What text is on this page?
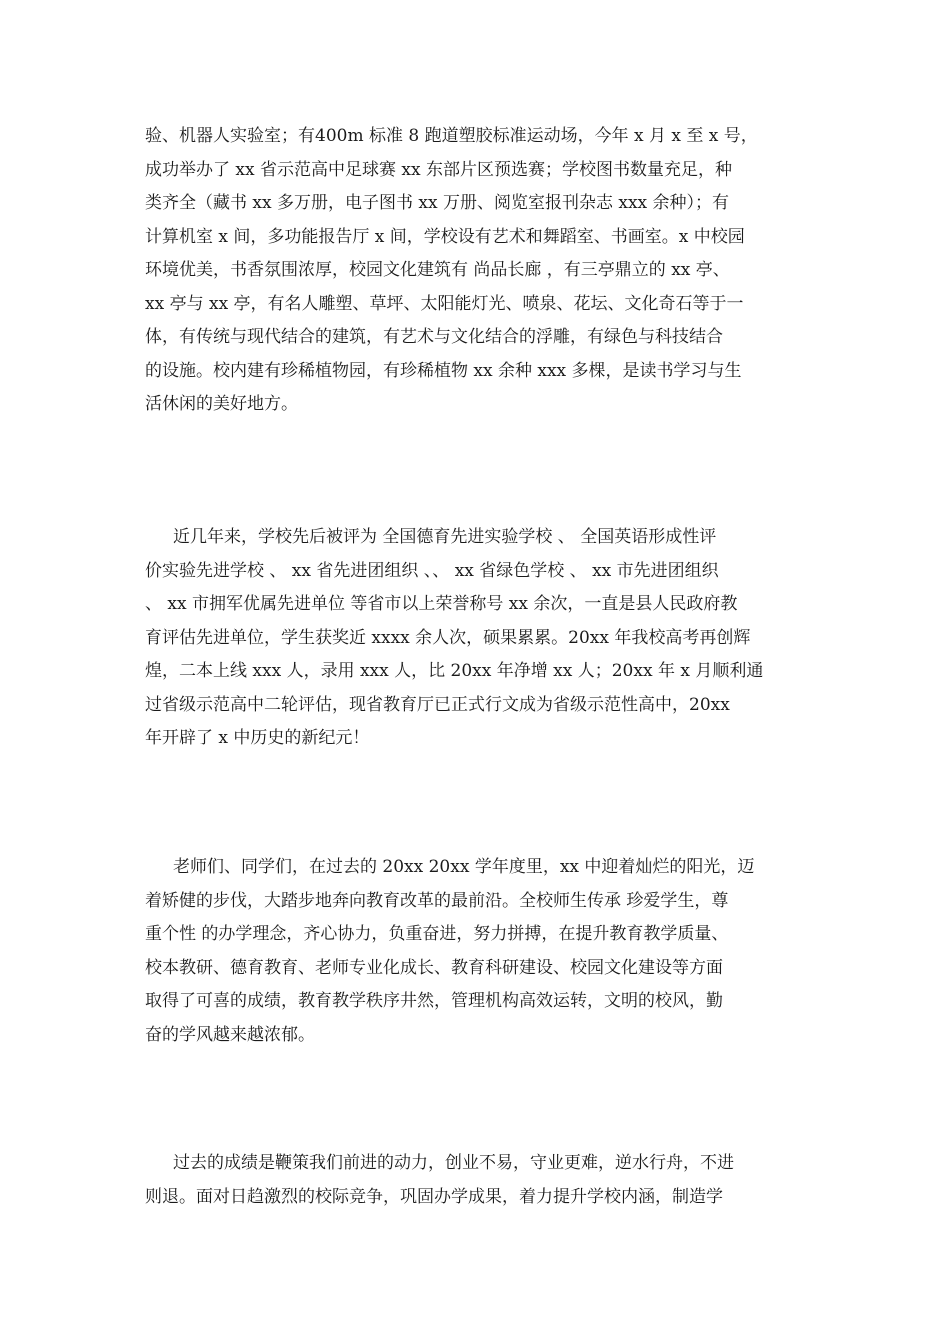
验、机器人实验室；有400m 标准 8 跑道塑胶标准运动场，今年 x 月 x 至 x 号，
成功举办了 xx 省示范高中足球赛 xx 东部片区预选赛；学校图书数量充足，种
类齐全（藏书 xx 多万册，电子图书 xx 万册、阅览室报刊杂志 xxx 余种）；有
计算机室 x 间，多功能报告厅 x 间，学校设有艺术和舞蹈室、书画室。x 中校园
环境优美，书香氛围浓厚，校园文化建筑有 尚品长廊 ，有三亭鼎立的 xx 亭、
xx 亭与 xx 亭，有名人雕塑、草坪、太阳能灯光、喷泉、花坛、文化奇石等于一
体，有传统与现代结合的建筑，有艺术与文化结合的浮雕，有绿色与科技结合
的设施。校内建有珍稀植物园，有珍稀植物 xx 余种 xxx 多棵，是读书学习与生
活休闲的美好地方。
近几年来，学校先后被评为 全国德育先进实验学校 、 全国英语形成性评
价实验先进学校 、 xx 省先进团组织 、、 xx 省绿色学校 、 xx 市先进团组织
、 xx 市拥军优属先进单位 等省市以上荣誉称号 xx 余次，一直是县人民政府教
育评估先进单位，学生获奖近 xxxx 余人次，硕果累累。20xx 年我校高考再创辉
煌，二本上线 xxx 人，录用 xxx 人，比 20xx 年净增 xx 人；20xx 年 x 月顺利通
过省级示范高中二轮评估，现省教育厅已正式行文成为省级示范性高中，20xx
年开辟了 x 中历史的新纪元！
老师们、同学们，在过去的 20xx 20xx 学年度里，xx 中迎着灿烂的阳光，迈
着矫健的步伐，大踏步地奔向教育改革的最前沿。全校师生传承 珍爱学生，尊
重个性 的办学理念，齐心协力，负重奋进，努力拼搏，在提升教育教学质量、
校本教研、德育教育、老师专业化成长、教育科研建设、校园文化建设等方面
取得了可喜的成绩，教育教学秩序井然，管理机构高效运转，文明的校风，勤
奋的学风越来越浓郁。
过去的成绩是鞭策我们前进的动力，创业不易，守业更难，逆水行舟，不进
则退。面对日趋激烈的校际竞争，巩固办学成果，着力提升学校内涵，制造学
